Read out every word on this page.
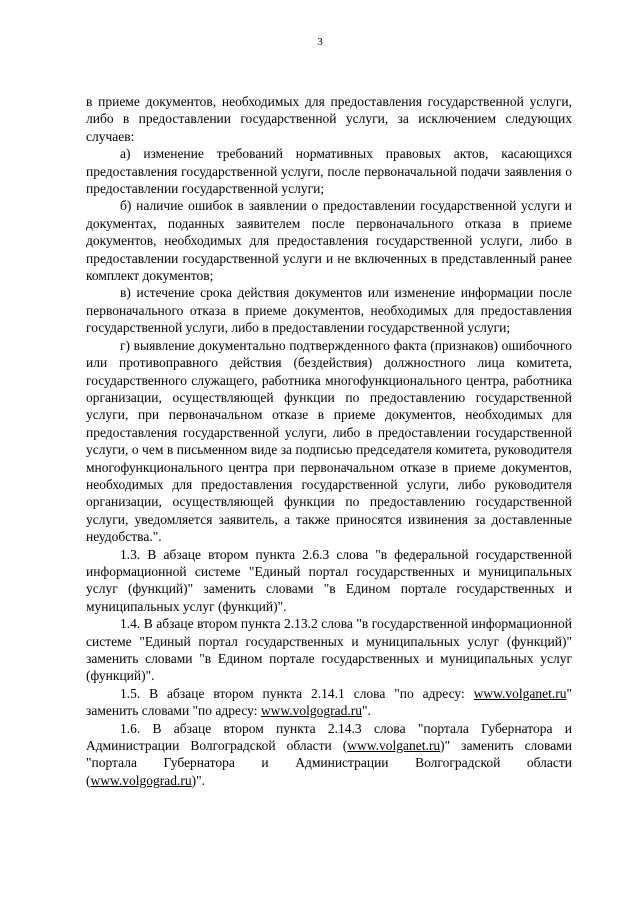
3

в приеме документов, необходимых для предоставления государственной услуги, либо в предоставлении государственной услуги, за исключением следующих случаев:

а) изменение требований нормативных правовых актов, касающихся предоставления государственной услуги, после первоначальной подачи заявления о предоставлении государственной услуги;

б) наличие ошибок в заявлении о предоставлении государственной услуги и документах, поданных заявителем после первоначального отказа в приеме документов, необходимых для предоставления государственной услуги, либо в предоставлении государственной услуги и не включенных в представленный ранее комплект документов;

в) истечение срока действия документов или изменение информации после первоначального отказа в приеме документов, необходимых для предоставления государственной услуги, либо в предоставлении государственной услуги;

г) выявление документально подтвержденного факта (признаков) ошибочного или противоправного действия (бездействия) должностного лица комитета, государственного служащего, работника многофункционального центра, работника организации, осуществляющей функции по предоставлению государственной услуги, при первоначальном отказе в приеме документов, необходимых для предоставления государственной услуги, либо в предоставлении государственной услуги, о чем в письменном виде за подписью председателя комитета, руководителя многофункционального центра при первоначальном отказе в приеме документов, необходимых для предоставления государственной услуги, либо руководителя организации, осуществляющей функции по предоставлению государственной услуги, уведомляется заявитель, а также приносятся извинения за доставленные неудобства.".

1.3. В абзаце втором пункта 2.6.3 слова "в федеральной государственной информационной системе "Единый портал государственных и муниципальных услуг (функций)" заменить словами "в Едином портале государственных и муниципальных услуг (функций)".

1.4. В абзаце втором пункта 2.13.2 слова "в государственной информационной системе "Единый портал государственных и муниципальных услуг (функций)" заменить словами "в Едином портале государственных и муниципальных услуг (функций)".

1.5. В абзаце втором пункта 2.14.1 слова "по адресу: www.volganet.ru" заменить словами "по адресу: www.volgograd.ru".

1.6. В абзаце втором пункта 2.14.3 слова "портала Губернатора и Администрации Волгоградской области (www.volganet.ru)" заменить словами "портала Губернатора и Администрации Волгоградской области (www.volgograd.ru)".
